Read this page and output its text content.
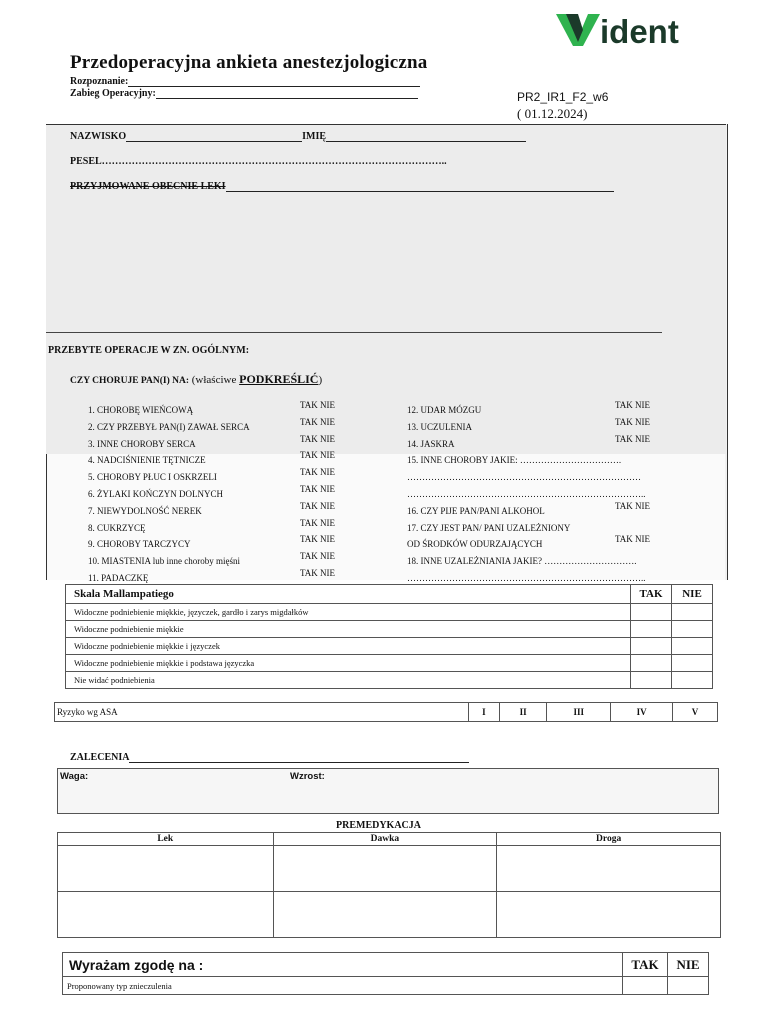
ident
Przedoperacyjna ankieta anestezjologiczna
Rozpoznanie:
Zabieg Operacyjny:	PR2_IR1_F2_w6
( 01.12.2024)
NAZWISKO	IMIĘ
PESEL…………………………………………………………………………………………..
PRZYJMOWANE OBECNIE LEKI
PRZEBYTE OPERACJE W ZN. OGÓLNYM:
CZY CHORUJE PAN(I) NA: (właściwe PODKREŚLIĆ)
1. CHOROBĘ WIEŃCOWĄ	TAK NIE
2. CZY PRZEBYŁ PAN(I) ZAWAŁ SERCA	TAK NIE
3. INNE CHOROBY SERCA	TAK NIE
4. NADCIŚNIENIE TĘTNICZE	TAK NIE
5. CHOROBY PŁUC I OSKRZELI	TAK NIE
6. ŻYLAKI KOŃCZYN DOLNYCH	TAK NIE
7. NIEWYDOLNOŚĆ NEREK	TAK NIE
8. CUKRZYCĘ	TAK NIE
9. CHOROBY TARCZYCY	TAK NIE
10. MIASTENIA lub inne choroby mięśni	TAK NIE
11. PADACZKĘ	TAK NIE
12. UDAR MÓZGU	TAK NIE
13. UCZULENIA	TAK NIE
14. JASKRA	TAK NIE
15. INNE CHOROBY JAKIE: …………………………….
……………………………………………………………………
……………………………………………………………………..
16. CZY PIJE PAN/PANI ALKOHOL	TAK NIE
17. CZY JEST PAN/ PANI UZALEŻNIONY
OD ŚRODKÓW ODURZAJĄCYCH	TAK NIE
18. INNE UZALEŻNIANIA JAKIE? ………………………….
……………………………………………………………………..
Skala Mallampatiego	TAK	NIE
Widoczne podniebienie miękkie, języczek, gardło i zarys migdałków		
Widoczne podniebienie miękkie		
Widoczne podniebienie miękkie i języczek		
Widoczne podniebienie miękkie i podstawa języczka		
Nie widać podniebienia		
Ryzyko wg ASA	I	II	III	IV	V
ZALECENIA
Waga:	Wzrost:
PREMEDYKACJA
Lek	Dawka	Droga

Wyrażam zgodę na :	TAK	NIE
Proponowany typ znieczulenia		
